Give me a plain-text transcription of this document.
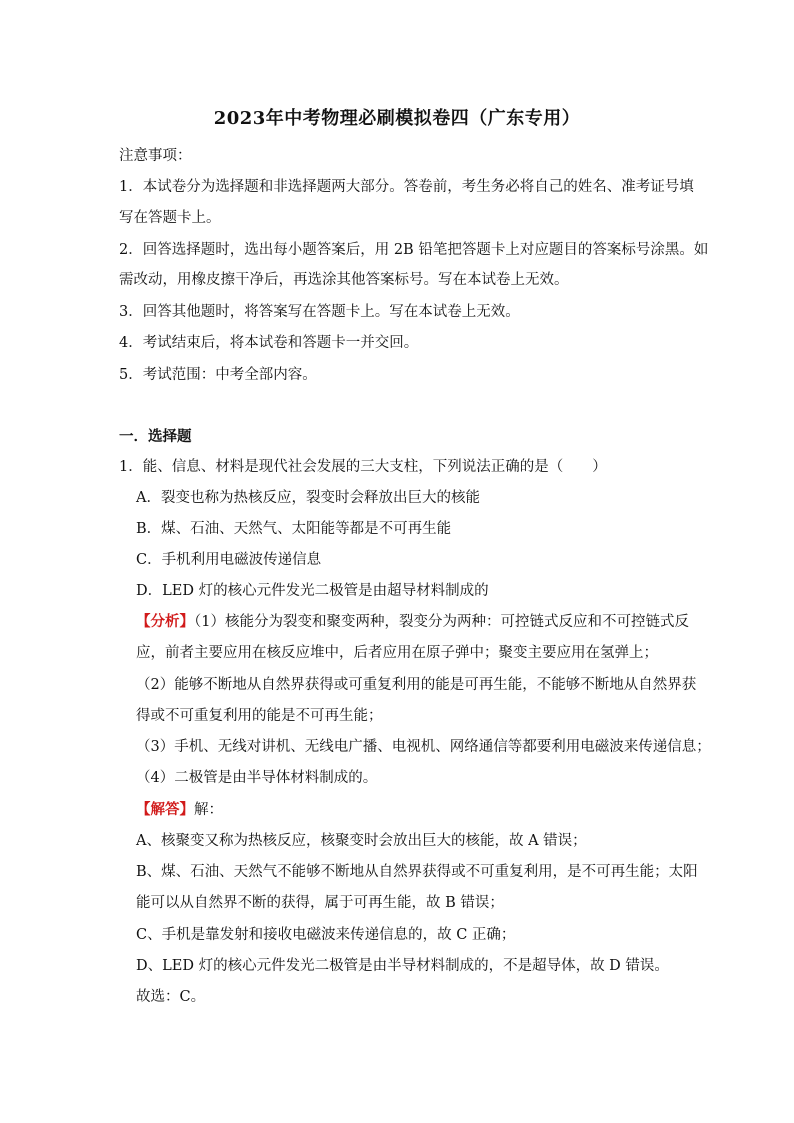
2023年中考物理必刷模拟卷四（广东专用）
注意事项：
1．本试卷分为选择题和非选择题两大部分。答卷前，考生务必将自己的姓名、准考证号填
写在答题卡上。
2．回答选择题时，选出每小题答案后，用 2B 铅笔把答题卡上对应题目的答案标号涂黑。如
需改动，用橡皮擦干净后，再选涂其他答案标号。写在本试卷上无效。
3．回答其他题时，将答案写在答题卡上。写在本试卷上无效。
4．考试结束后，将本试卷和答题卡一并交回。
5．考试范围：中考全部内容。
一．选择题
1．能、信息、材料是现代社会发展的三大支柱，下列说法正确的是（　　）
A．裂变也称为热核反应，裂变时会释放出巨大的核能
B．煤、石油、天然气、太阳能等都是不可再生能
C．手机利用电磁波传递信息
D．LED 灯的核心元件发光二极管是由超导材料制成的
【分析】（1）核能分为裂变和聚变两种，裂变分为两种：可控链式反应和不可控链式反
应，前者主要应用在核反应堆中，后者应用在原子弹中；聚变主要应用在氢弹上；
（2）能够不断地从自然界获得或可重复利用的能是可再生能，不能够不断地从自然界获
得或不可重复利用的能是不可再生能；
（3）手机、无线对讲机、无线电广播、电视机、网络通信等都要利用电磁波来传递信息；
（4）二极管是由半导体材料制成的。
【解答】解：
A、核聚变又称为热核反应，核聚变时会放出巨大的核能，故 A 错误；
B、煤、石油、天然气不能够不断地从自然界获得或不可重复利用，是不可再生能；太阳
能可以从自然界不断的获得，属于可再生能，故 B 错误；
C、手机是靠发射和接收电磁波来传递信息的，故 C 正确；
D、LED 灯的核心元件发光二极管是由半导材料制成的，不是超导体，故 D 错误。
故选：C。
